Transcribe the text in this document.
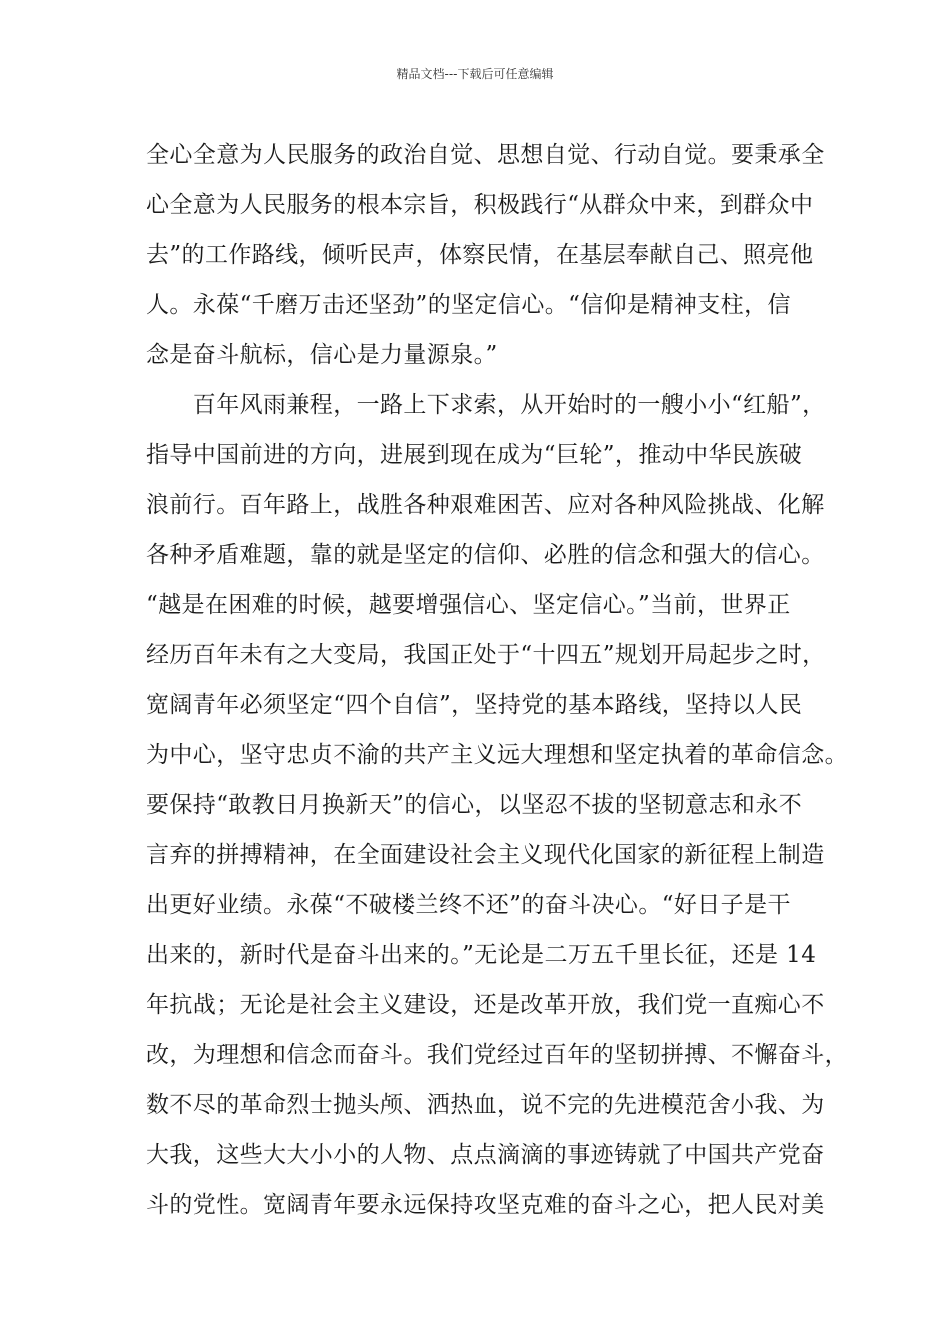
精品文档---下载后可任意编辑
全心全意为人民服务的政治自觉、思想自觉、行动自觉。要秉承全
心全意为人民服务的根本宗旨，积极践行“从群众中来，到群众中
去”的工作路线，倾听民声，体察民情，在基层奉献自己、照亮他
人。永葆“千磨万击还坚劲”的坚定信心。“信仰是精神支柱，信
念是奋斗航标，信心是力量源泉。”
　　百年风雨兼程，一路上下求索，从开始时的一艘小小“红船”，
指导中国前进的方向，进展到现在成为“巨轮”，推动中华民族破
浪前行。百年路上，战胜各种艰难困苦、应对各种风险挑战、化解
各种矛盾难题，靠的就是坚定的信仰、必胜的信念和强大的信心。
“越是在困难的时候，越要增强信心、坚定信心。”当前，世界正
经历百年未有之大变局，我国正处于“十四五”规划开局起步之时，
宽阔青年必须坚定“四个自信”，坚持党的基本路线，坚持以人民
为中心，坚守忠贞不渝的共产主义远大理想和坚定执着的革命信念。
要保持“敢教日月换新天”的信心，以坚忍不拔的坚韧意志和永不
言弃的拼搏精神，在全面建设社会主义现代化国家的新征程上制造
出更好业绩。永葆“不破楼兰终不还”的奋斗决心。“好日子是干
出来的，新时代是奋斗出来的。”无论是二万五千里长征，还是 14
年抗战；无论是社会主义建设，还是改革开放，我们党一直痴心不
改，为理想和信念而奋斗。我们党经过百年的坚韧拼搏、不懈奋斗，
数不尽的革命烈士抛头颅、洒热血，说不完的先进模范舍小我、为
大我，这些大大小小的人物、点点滴滴的事迹铸就了中国共产党奋
斗的党性。宽阔青年要永远保持攻坚克难的奋斗之心，把人民对美
